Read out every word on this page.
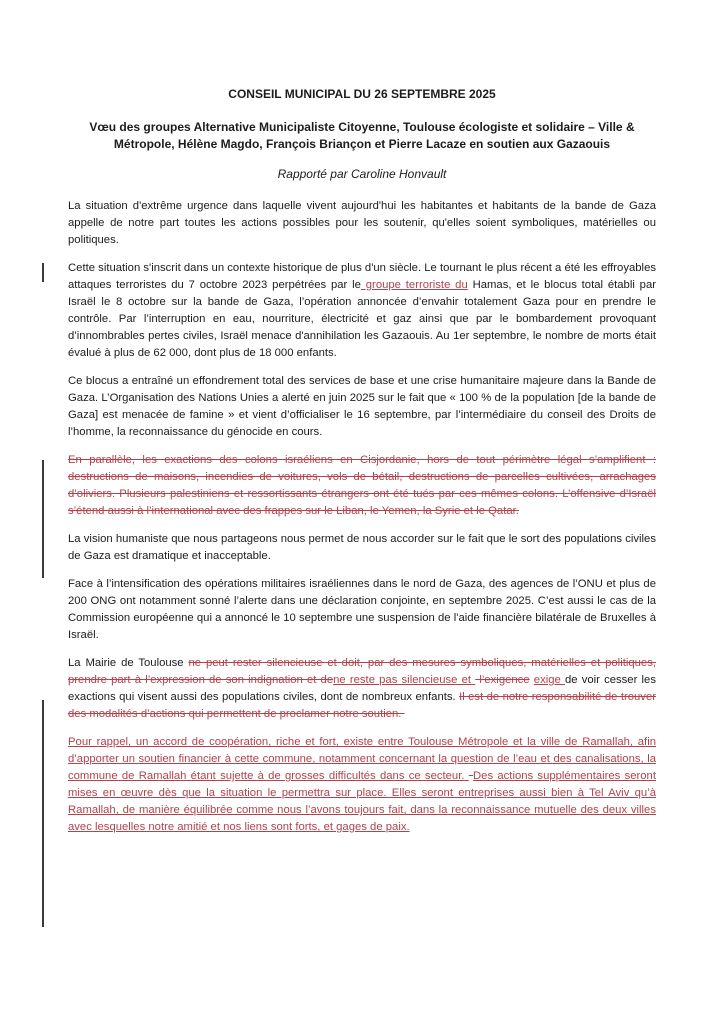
CONSEIL MUNICIPAL DU 26 SEPTEMBRE 2025
Vœu des groupes Alternative Municipaliste Citoyenne, Toulouse écologiste et solidaire – Ville & Métropole, Hélène Magdo, François Briançon et Pierre Lacaze en soutien aux Gazaouis
Rapporté par Caroline Honvault

La situation d'extrême urgence dans laquelle vivent aujourd'hui les habitantes et habitants de la bande de Gaza appelle de notre part toutes les actions possibles pour les soutenir, qu'elles soient symboliques, matérielles ou politiques.

Cette situation s'inscrit dans un contexte historique de plus d'un siècle. Le tournant le plus récent a été les effroyables attaques terroristes du 7 octobre 2023 perpétrées par le groupe terroriste du Hamas, et le blocus total établi par Israël le 8 octobre sur la bande de Gaza, l’opération annoncée d’envahir totalement Gaza pour en prendre le contrôle. Par l’interruption en eau, nourriture, électricité et gaz ainsi que par le bombardement provoquant d’innombrables pertes civiles, Israël menace d'annihilation les Gazaouis. Au 1er septembre, le nombre de morts était évalué à plus de 62 000, dont plus de 18 000 enfants.

Ce blocus a entraîné un effondrement total des services de base et une crise humanitaire majeure dans la Bande de Gaza. L’Organisation des Nations Unies a alerté en juin 2025 sur le fait que « 100 % de la population [de la bande de Gaza] est menacée de famine » et vient d’officialiser le 16 septembre, par l’intermédiaire du conseil des Droits de l’homme, la reconnaissance du génocide en cours.

En parallèle, les exactions des colons israéliens en Cisjordanie, hors de tout périmètre légal s’amplifient : destructions de maisons, incendies de voitures, vols de bétail, destructions de parcelles cultivées, arrachages d’oliviers. Plusieurs palestiniens et ressortissants étrangers ont été tués par ces mêmes colons. L’offensive d’Israël s’étend aussi à l’international avec des frappes sur le Liban, le Yemen, la Syrie et le Qatar.

La vision humaniste que nous partageons nous permet de nous accorder sur le fait que le sort des populations civiles de Gaza est dramatique et inacceptable.

Face à l’intensification des opérations militaires israéliennes dans le nord de Gaza, des agences de l’ONU et plus de 200 ONG ont notamment sonné l’alerte dans une déclaration conjointe, en septembre 2025. C’est aussi le cas de la Commission européenne qui a annoncé le 10 septembre une suspension de l'aide financière bilatérale de Bruxelles à Israël.

La Mairie de Toulouse ne peut rester silencieuse et doit, par des mesures symboliques, matérielles et politiques, prendre part à l’expression de son indignation et dene reste pas silencieuse et  l’exigence exige de voir cesser les exactions qui visent aussi des populations civiles, dont de nombreux enfants. Il est de notre responsabilité de trouver des modalités d’actions qui permettent de proclamer notre soutien.

Pour rappel, un accord de coopération, riche et fort, existe entre Toulouse Métropole et la ville de Ramallah, afin d’apporter un soutien financier à cette commune, notamment concernant la question de l’eau et des canalisations, la commune de Ramallah étant sujette à de grosses difficultés dans ce secteur.  Des actions supplémentaires seront mises en œuvre dès que la situation le permettra sur place. Elles seront entreprises aussi bien à Tel Aviv qu’à Ramallah, de manière équilibrée comme nous l’avons toujours fait, dans la reconnaissance mutuelle des deux villes avec lesquelles notre amitié et nos liens sont forts, et gages de paix.
